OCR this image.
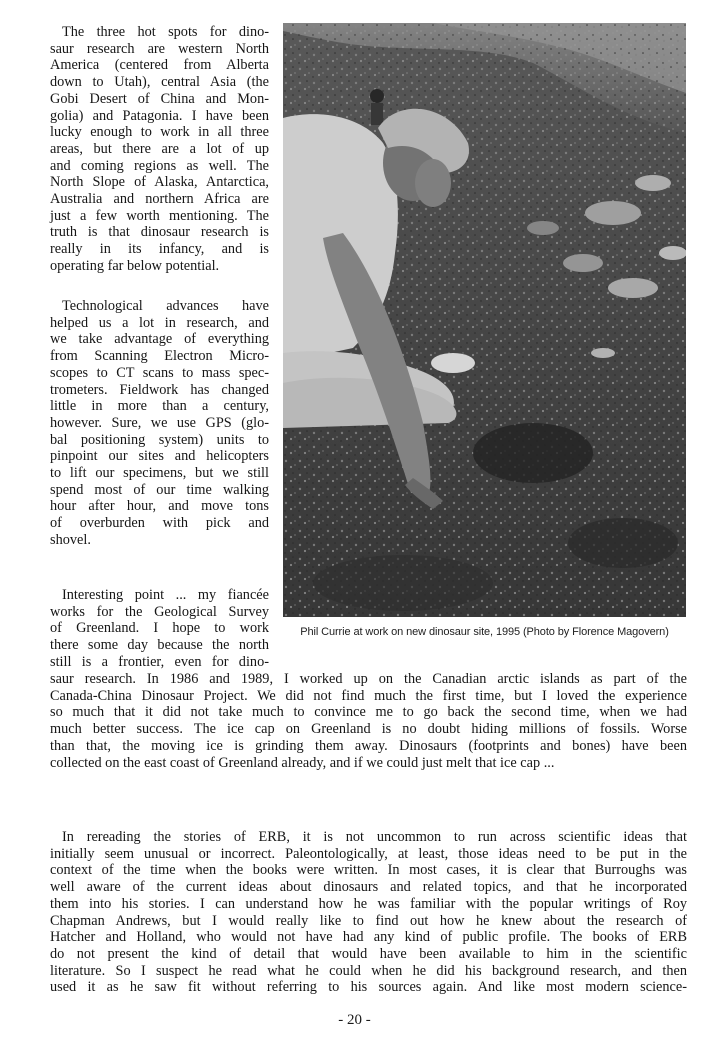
The three hot spots for dino-
saur research are western North
America (centered from Alberta
down to Utah), central Asia (the
Gobi Desert of China and Mon-
golia) and Patagonia. I have been
lucky enough to work in all three
areas, but there are a lot of up
and coming regions as well. The
North Slope of Alaska, Antarctica,
Australia and northern Africa are
just a few worth mentioning. The
truth is that dinosaur research is
really in its infancy, and is
operating far below potential.
Technological advances have
helped us a lot in research, and
we take advantage of everything
from Scanning Electron Micro-
scopes to CT scans to mass spec-
trometers. Fieldwork has changed
little in more than a century,
however. Sure, we use GPS (glo-
bal positioning system) units to
pinpoint our sites and helicopters
to lift our specimens, but we still
spend most of our time walking
hour after hour, and move tons
of overburden with pick and
shovel.
Interesting point ... my fiancée
works for the Geological Survey
of Greenland. I hope to work
there some day because the north
still is a frontier, even for dino-
Phil Currie at work on new dinosaur site, 1995 (Photo by Florence Magovern)
saur research. In 1986 and 1989, I worked up on the Canadian arctic islands as part of the
Canada-China Dinosaur Project. We did not find much the first time, but I loved the experience
so much that it did not take much to convince me to go back the second time, when we had
much better success. The ice cap on Greenland is no doubt hiding millions of fossils. Worse
than that, the moving ice is grinding them away. Dinosaurs (footprints and bones) have been
collected on the east coast of Greenland already, and if we could just melt that ice cap ...
In rereading the stories of ERB, it is not uncommon to run across scientific ideas that
initially seem unusual or incorrect. Paleontologically, at least, those ideas need to be put in the
context of the time when the books were written. In most cases, it is clear that Burroughs was
well aware of the current ideas about dinosaurs and related topics, and that he incorporated
them into his stories. I can understand how he was familiar with the popular writings of Roy
Chapman Andrews, but I would really like to find out how he knew about the research of
Hatcher and Holland, who would not have had any kind of public profile. The books of ERB
do not present the kind of detail that would have been available to him in the scientific
literature. So I suspect he read what he could when he did his background research, and then
used it as he saw fit without referring to his sources again. And like most modern science-
- 20 -
